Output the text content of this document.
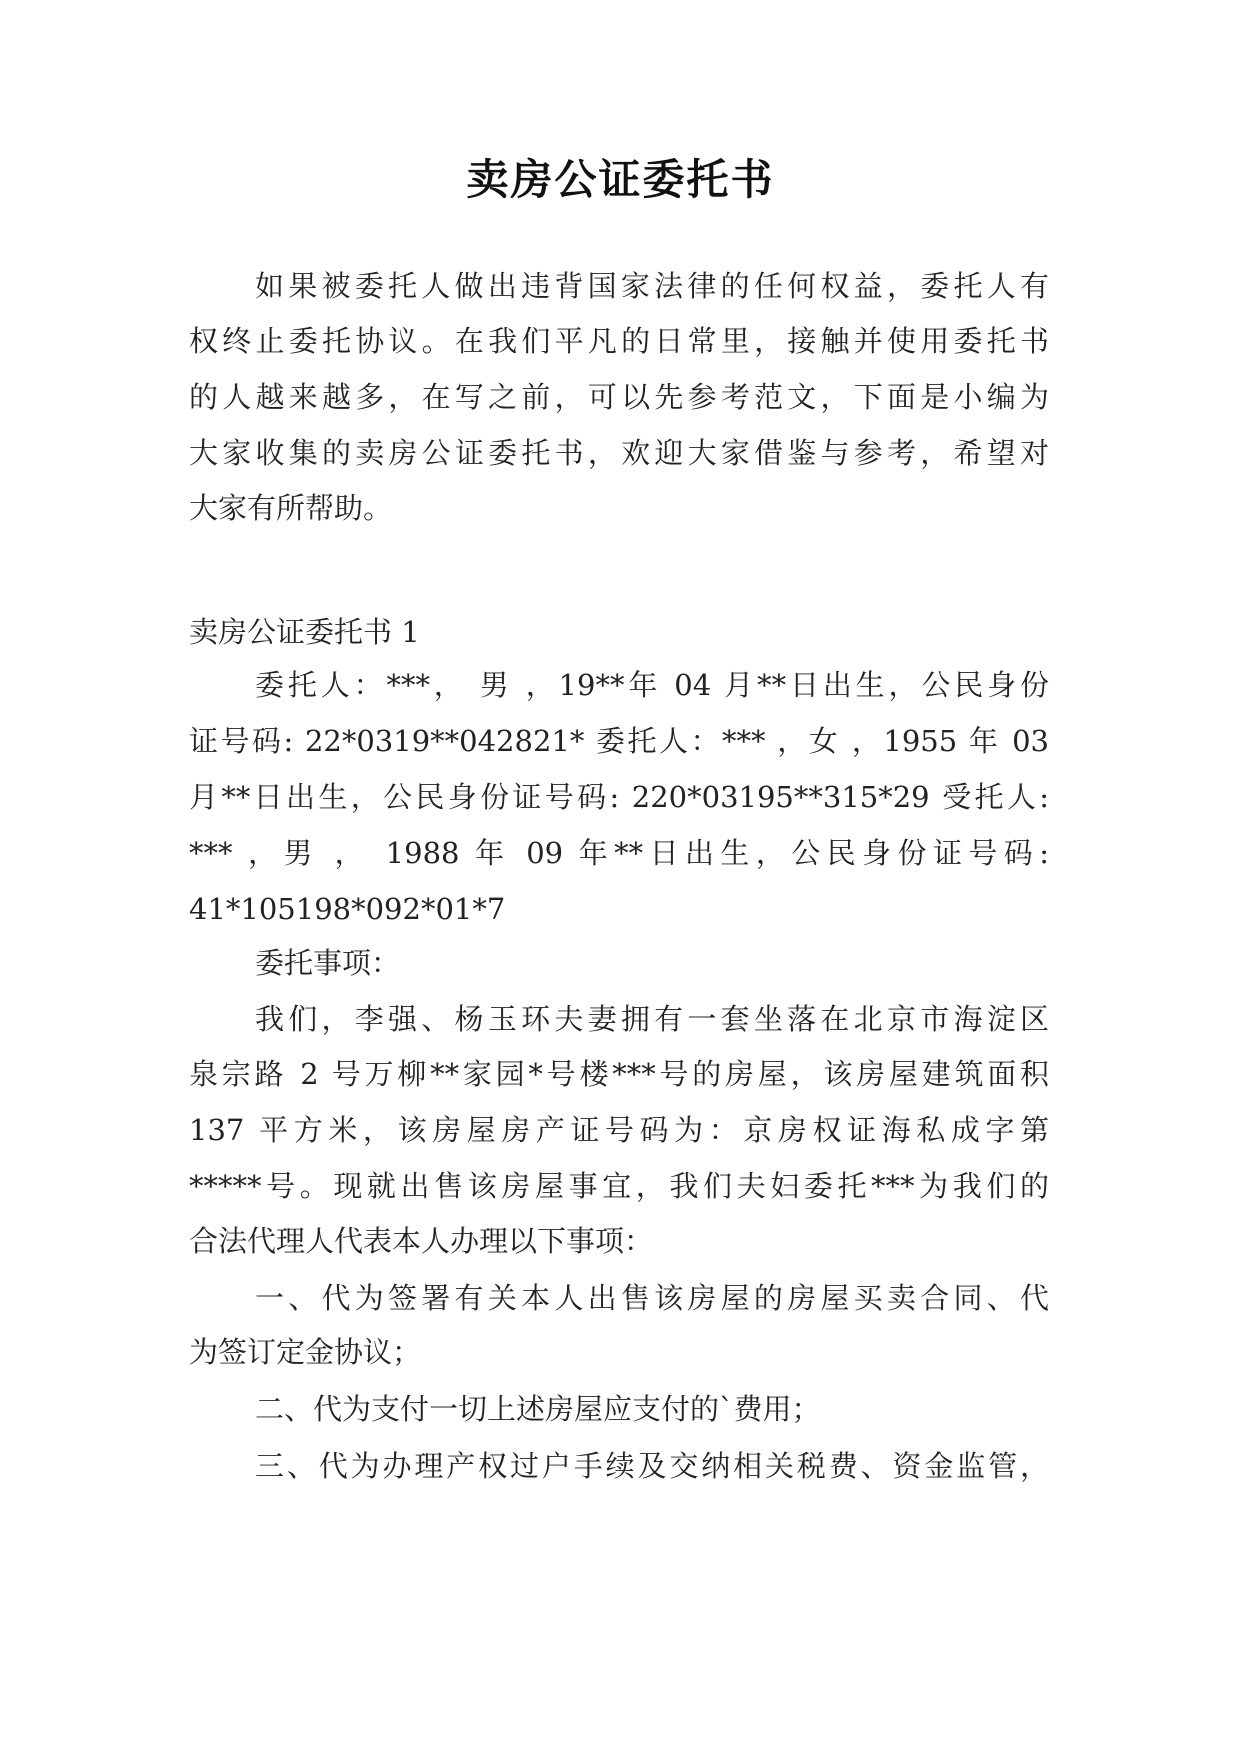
卖房公证委托书
如果被委托人做出违背国家法律的任何权益，委托人有
权终止委托协议。在我们平凡的日常里，接触并使用委托书
的人越来越多，在写之前，可以先参考范文，下面是小编为
大家收集的卖房公证委托书，欢迎大家借鉴与参考，希望对
大家有所帮助。
卖房公证委托书 1
委托人：***， 男 ，19**年 04 月**日出生，公民身份
证号码: 22*0319**042821* 委托人：*** ，女 ，1955 年 03
月**日出生，公民身份证号码: 220*03195**315*29 受托人:
*** ，男 ， 1988 年 09 年**日出生，公民身份证号码:
41*105198*092*01*7
委托事项：
我们，李强、杨玉环夫妻拥有一套坐落在北京市海淀区
泉宗路 2 号万柳**家园*号楼***号的房屋，该房屋建筑面积
137 平方米，该房屋房产证号码为：京房权证海私成字第
*****号。现就出售该房屋事宜，我们夫妇委托***为我们的
合法代理人代表本人办理以下事项：
一、代为签署有关本人出售该房屋的房屋买卖合同、代
为签订定金协议；
二、代为支付一切上述房屋应支付的`费用；
三、代为办理产权过户手续及交纳相关税费、资金监管，
